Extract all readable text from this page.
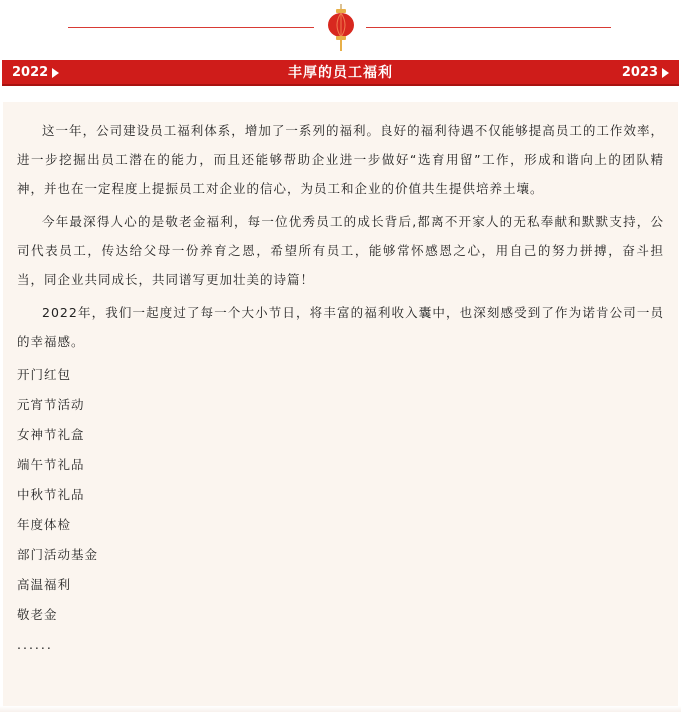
2022	丰厚的员工福利	2023

这一年，公司建设员工福利体系，增加了一系列的福利。良好的福利待遇不仅能够提高员工的工作效率，进一步挖掘出员工潜在的能力，而且还能够帮助企业进一步做好“选育用留”工作，形成和谐向上的团队精神，并也在一定程度上提振员工对企业的信心，为员工和企业的价值共生提供培养土壤。

今年最深得人心的是敬老金福利，每一位优秀员工的成长背后,都离不开家人的无私奉献和默默支持，公司代表员工，传达给父母一份养育之恩，希望所有员工，能够常怀感恩之心，用自己的努力拼搏，奋斗担当，同企业共同成长，共同谱写更加壮美的诗篇！

2022年，我们一起度过了每一个大小节日，将丰富的福利收入囊中，也深刻感受到了作为诺肯公司一员的幸福感。

开门红包
元宵节活动
女神节礼盒
端午节礼品
中秋节礼品
年度体检
部门活动基金
高温福利
敬老金
......
